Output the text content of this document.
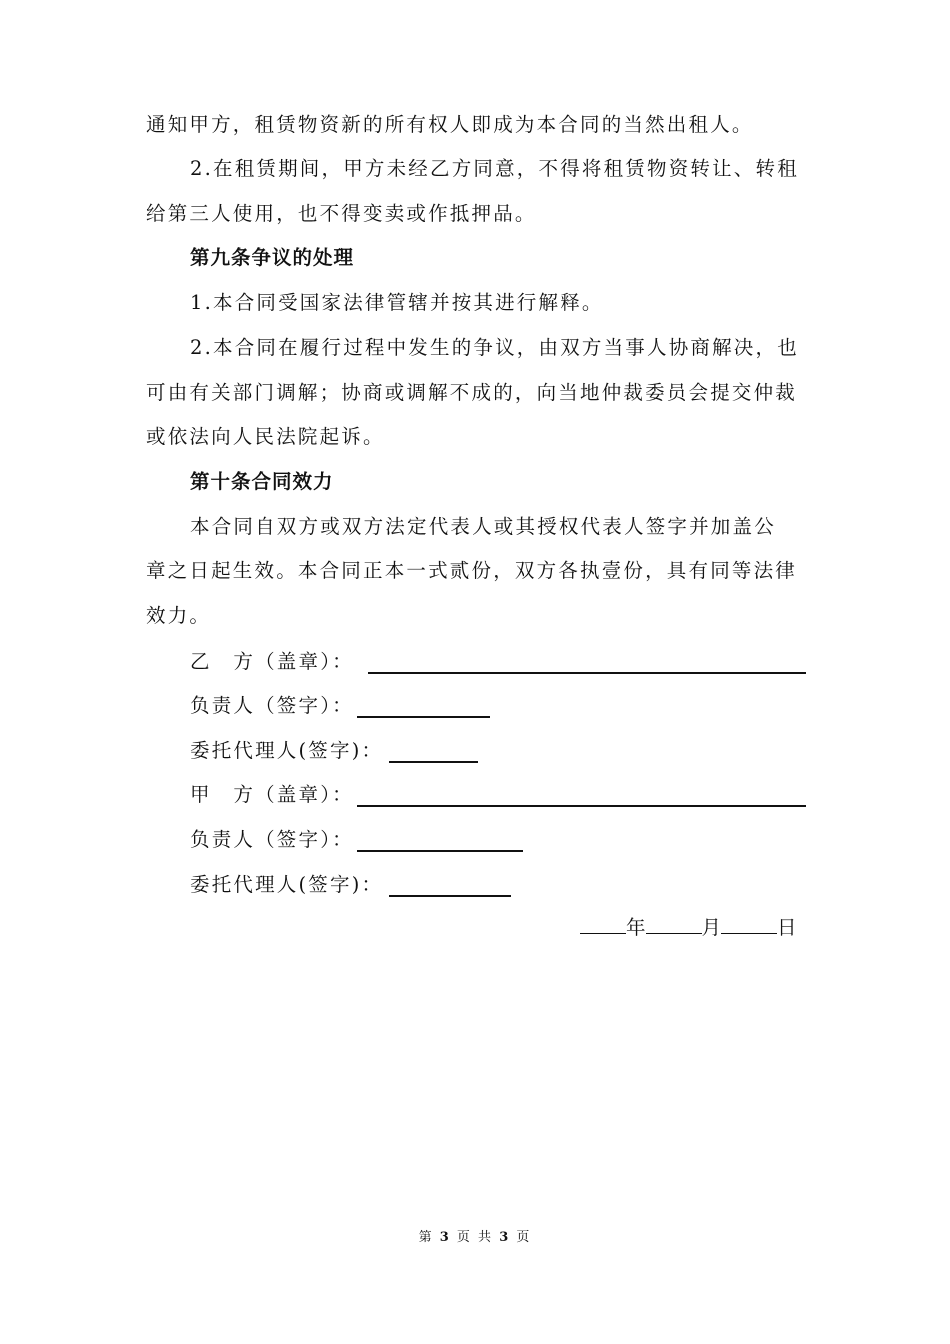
通知甲方，租赁物资新的所有权人即成为本合同的当然出租人。
2.在租赁期间，甲方未经乙方同意，不得将租赁物资转让、转租
给第三人使用，也不得变卖或作抵押品。
第九条争议的处理
1.本合同受国家法律管辖并按其进行解释。
2.本合同在履行过程中发生的争议，由双方当事人协商解决，也
可由有关部门调解；协商或调解不成的，向当地仲裁委员会提交仲裁
或依法向人民法院起诉。
第十条合同效力
本合同自双方或双方法定代表人或其授权代表人签字并加盖公
章之日起生效。本合同正本一式贰份，双方各执壹份，具有同等法律
效力。
乙　方（盖章）：
负责人（签字）：
委托代理人(签字)：
甲　方（盖章）：
负责人（签字）：
委托代理人(签字)：
年	月	日
第 3 页 共 3 页
